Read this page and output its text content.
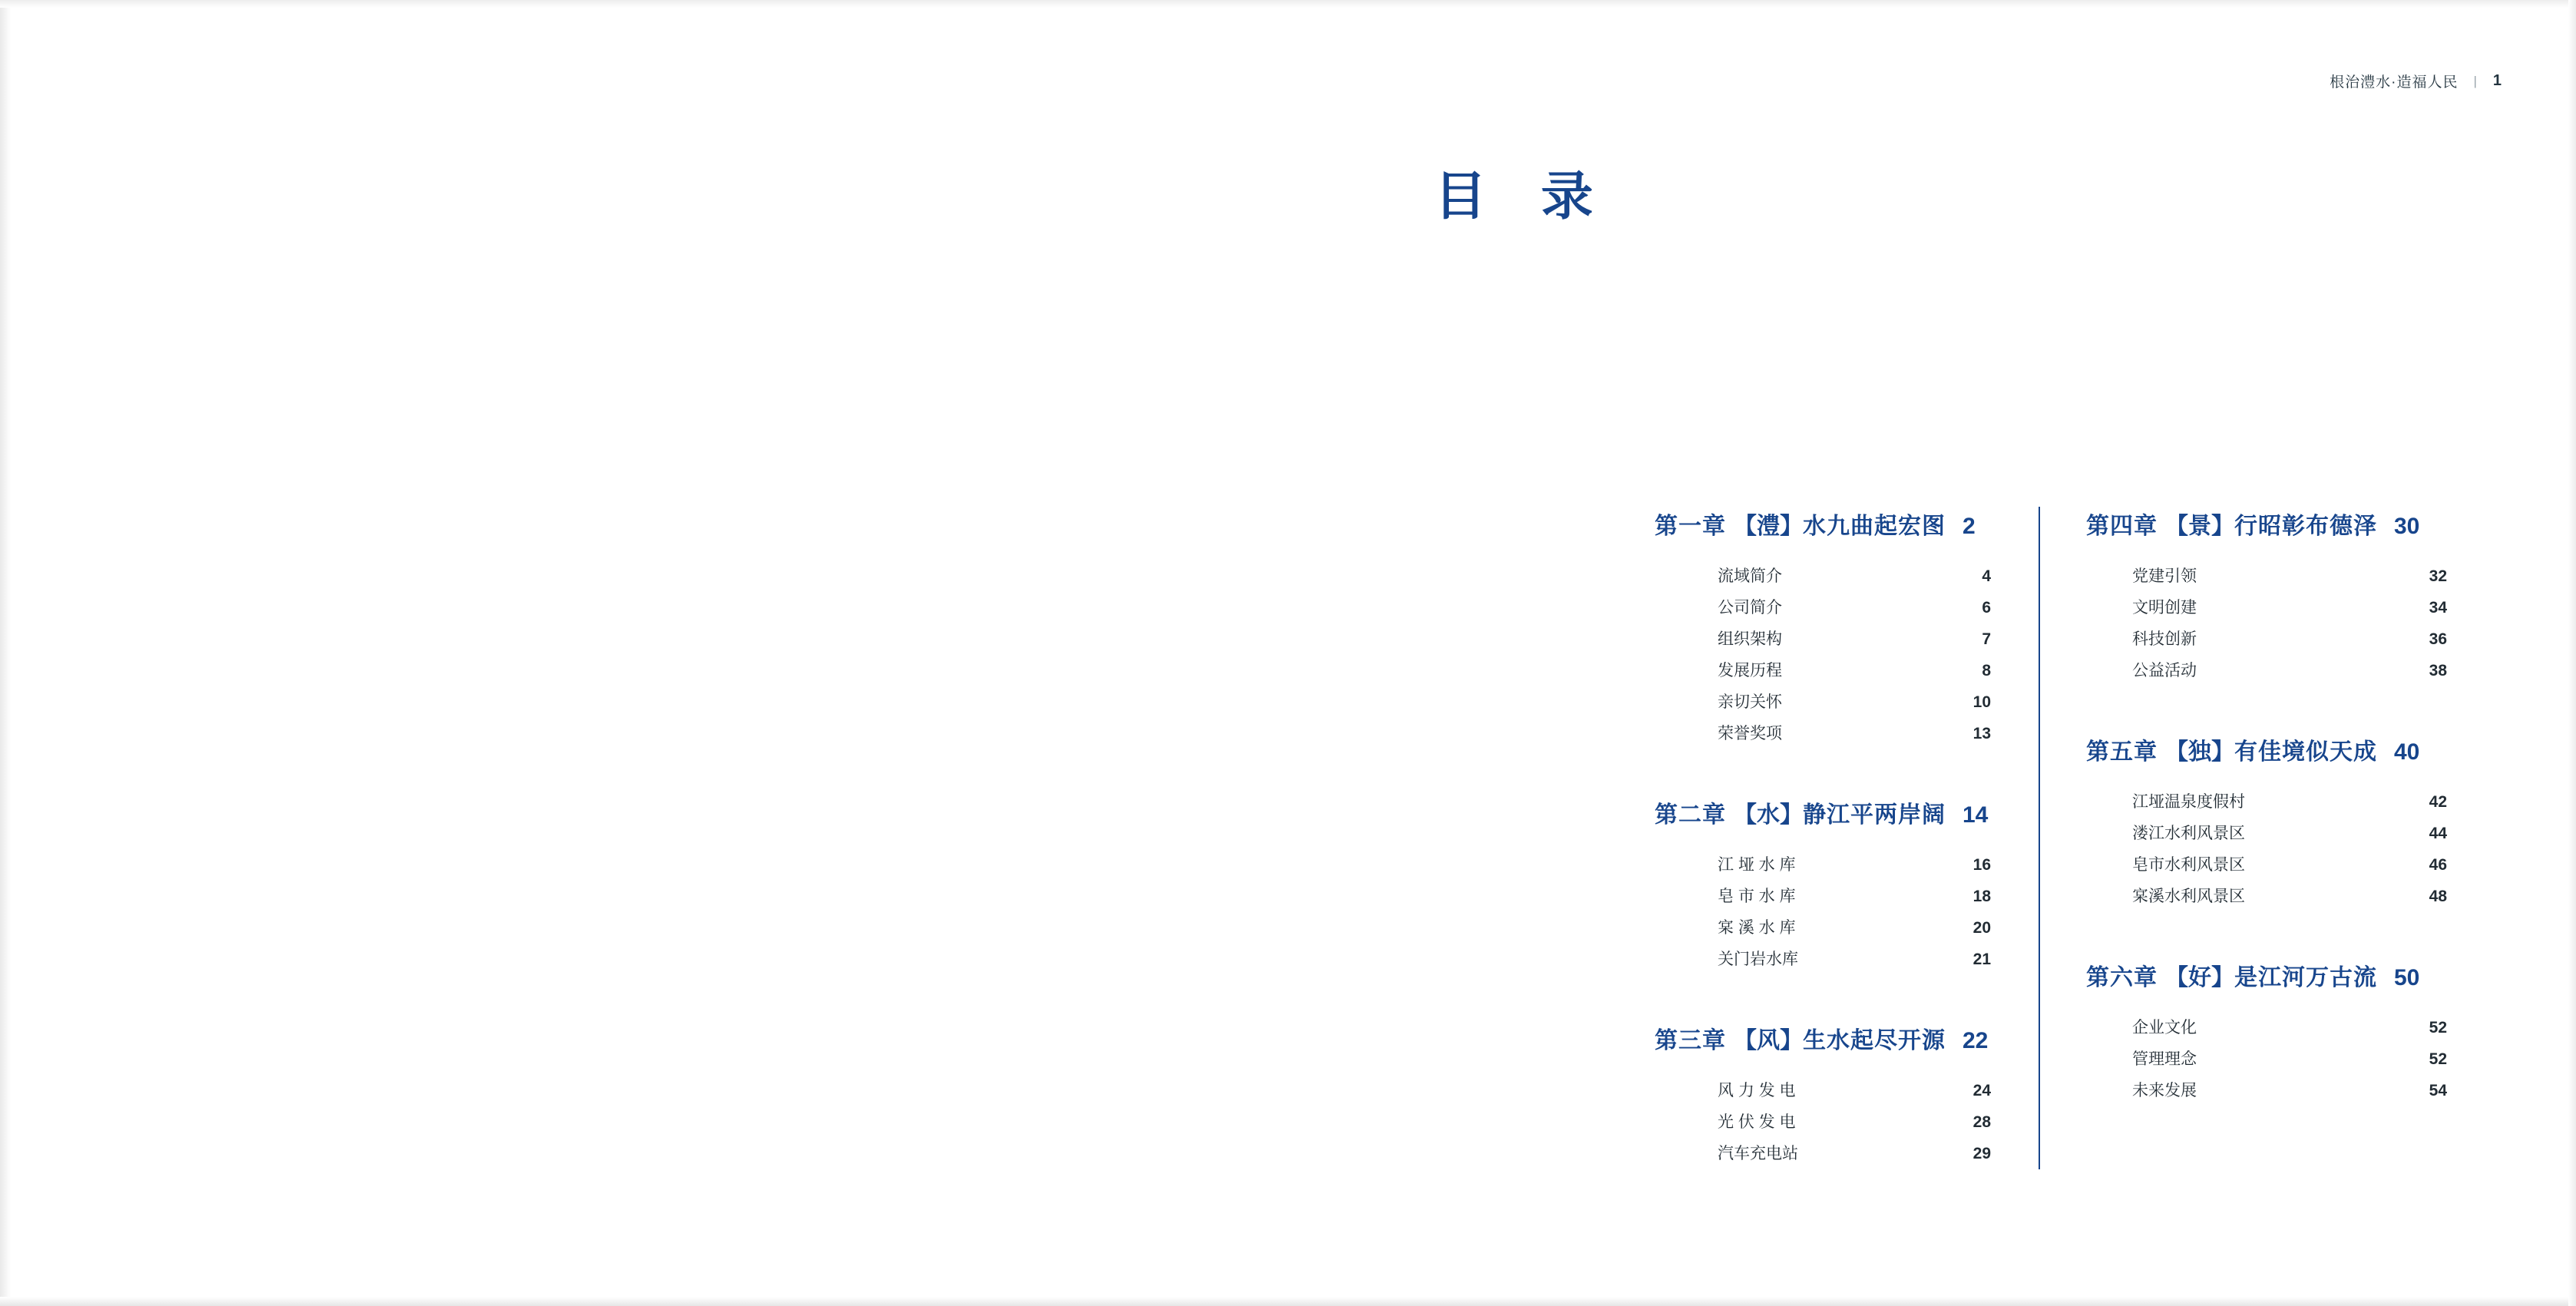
根治澧水·造福人民	|	1
目 录
第一章 【澧】 水九曲起宏图 2
流域简介	4
公司简介	6
组织架构	7
发展历程	8
亲切关怀	10
荣誉奖项	13
第二章 【水】 静江平两岸阔 14
江 垭 水 库	16
皂 市 水 库	18
宲 溪 水 库	20
关门岩水库	21
第三章 【风】 生水起尽开源 22
风 力 发 电	24
光 伏 发 电	28
汽车充电站	29
第四章 【景】 行昭彰布德泽 30
党建引领	32
文明创建	34
科技创新	36
公益活动	38
第五章 【独】 有佳境似天成 40
江垭温泉度假村	42
溇江水利风景区	44
皂市水利风景区	46
宲溪水利风景区	48
第六章 【好】 是江河万古流 50
企业文化	52
管理理念	52
未来发展	54
